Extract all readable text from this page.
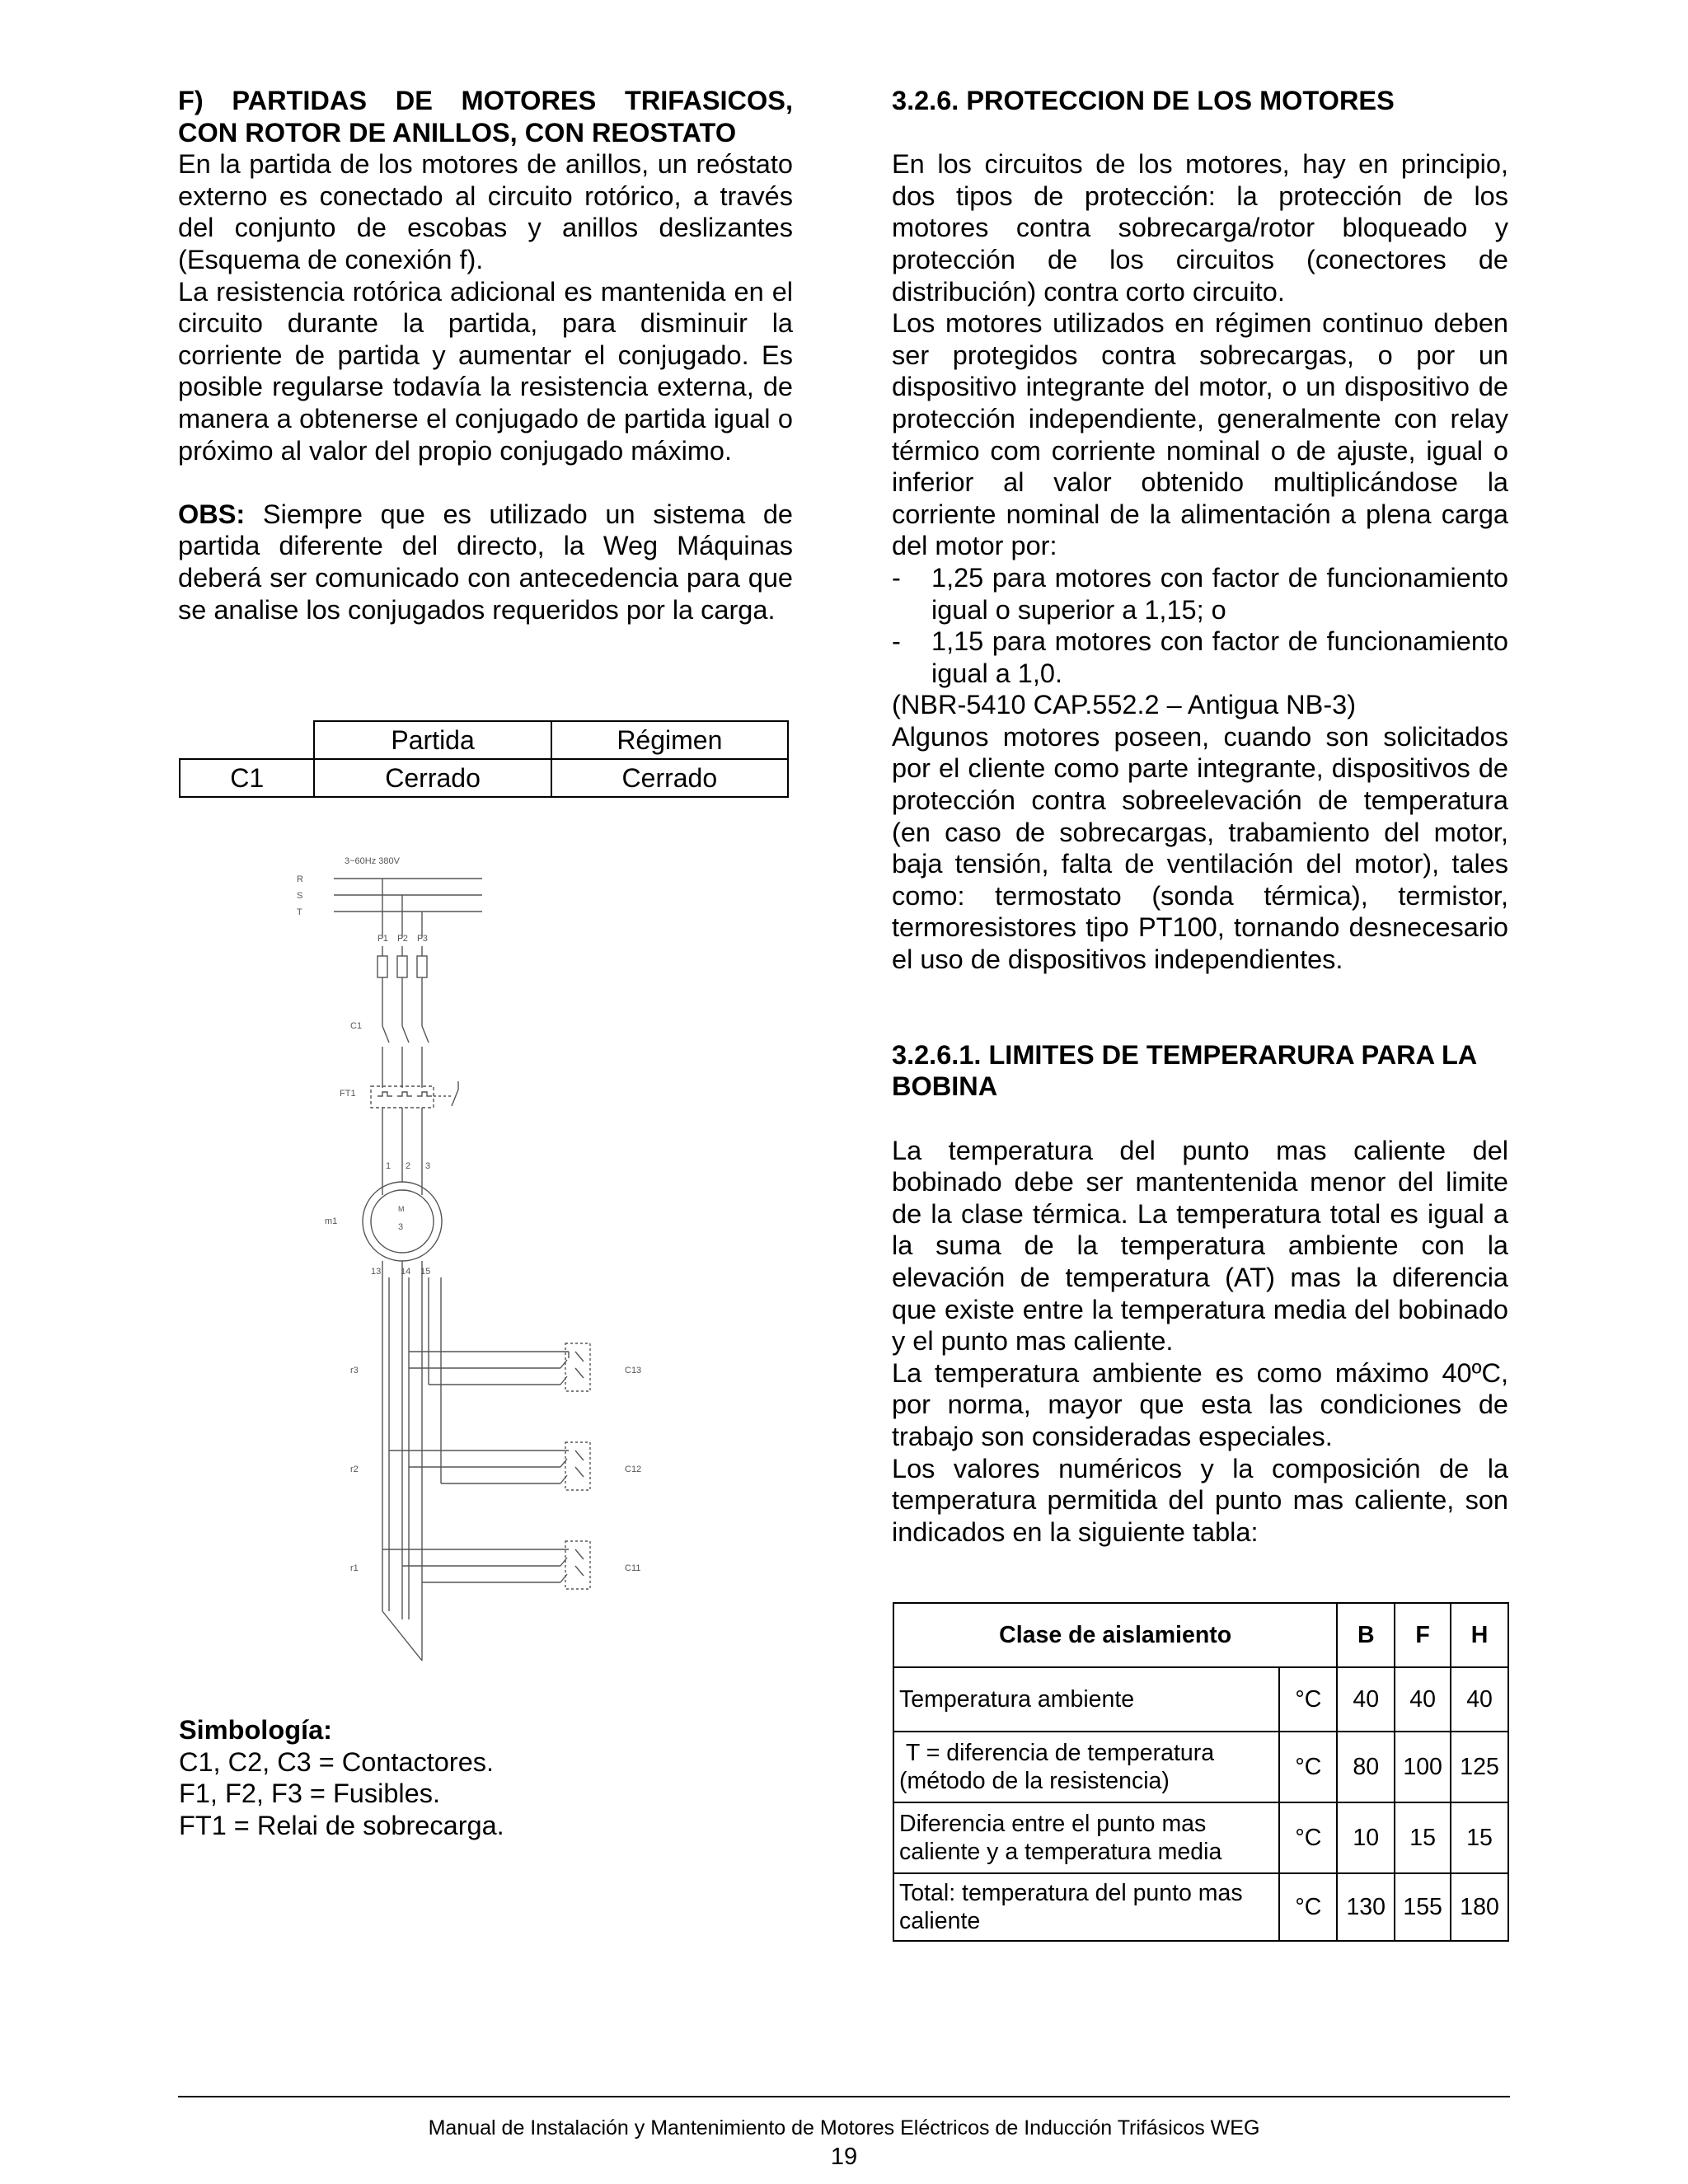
F) PARTIDAS DE MOTORES TRIFASICOS,

CON ROTOR DE ANILLOS, CON REOSTATO

En la partida de los motores de anillos, un reóstato externo es conectado al circuito rotórico, a través del conjunto de escobas y anillos deslizantes (Esquema de conexión f).

La resistencia rotórica adicional es mantenida en el circuito durante la partida, para disminuir la corriente de partida y aumentar el conjugado. Es posible regularse todavía la resistencia externa, de manera a obtenerse el conjugado de partida igual o próximo al valor del propio conjugado máximo.

OBS: Siempre que es utilizado un sistema de partida diferente del directo, la Weg Máquinas deberá ser comunicado con antecedencia para que se analise los conjugados requeridos por la carga.

	Partida	Régimen
C1	Cerrado	Cerrado
3~60Hz 380V
R
S
T
F1 F2 F3
C1
FT1
1 2 3
m1
M
3
13 14 15
r3
r2
r1
C13
C12
C11
Simbología:
C1, C2, C3 = Contactores.
F1, F2, F3 = Fusibles.
FT1 = Relai de sobrecarga.

3.2.6. PROTECCION DE LOS MOTORES

En los circuitos de los motores, hay en principio, dos tipos de protección: la protección de los motores contra sobrecarga/rotor bloqueado y protección de los circuitos (conectores de distribución) contra corto circuito.

Los motores utilizados en régimen continuo deben ser protegidos contra sobrecargas, o por un dispositivo integrante del motor, o un dispositivo de protección independiente, generalmente con relay térmico com corriente nominal o de ajuste, igual o inferior al valor obtenido multiplicándose la corriente nominal de la alimentación a plena carga del motor por:

- 1,25 para motores con factor de funcionamiento igual o superior a 1,15; o
- 1,15 para motores con factor de funcionamiento igual a 1,0.

(NBR-5410 CAP.552.2 – Antigua NB-3)

Algunos motores poseen, cuando son solicitados por el cliente como parte integrante, dispositivos de protección contra sobreelevación de temperatura (en caso de sobrecargas, trabamiento del motor, baja tensión, falta de ventilación del motor), tales como: termostato (sonda térmica), termistor, termoresistores tipo PT100, tornando desnecesario el uso de dispositivos independientes.

3.2.6.1. LIMITES DE TEMPERARURA PARA LA BOBINA

La temperatura del punto mas caliente del bobinado debe ser mantentenida menor del limite de la clase térmica. La temperatura total es igual a la suma de la temperatura ambiente con la elevación de temperatura (AT) mas la diferencia que existe entre la temperatura media del bobinado y el punto mas caliente.

La temperatura ambiente es como máximo 40ºC, por norma, mayor que esta las condiciones de trabajo son consideradas especiales.

Los valores numéricos y la composición de la temperatura permitida del punto mas caliente, son indicados en la siguiente tabla:

Clase de aislamiento		B	F	H
Temperatura ambiente	°C	40	40	40
T = diferencia de temperatura (método de la resistencia)	°C	80	100	125
Diferencia entre el punto mas caliente y a temperatura media	°C	10	15	15
Total: temperatura del punto mas caliente	°C	130	155	180
Manual de Instalación y Mantenimiento de Motores Eléctricos de Inducción Trifásicos WEG
19
